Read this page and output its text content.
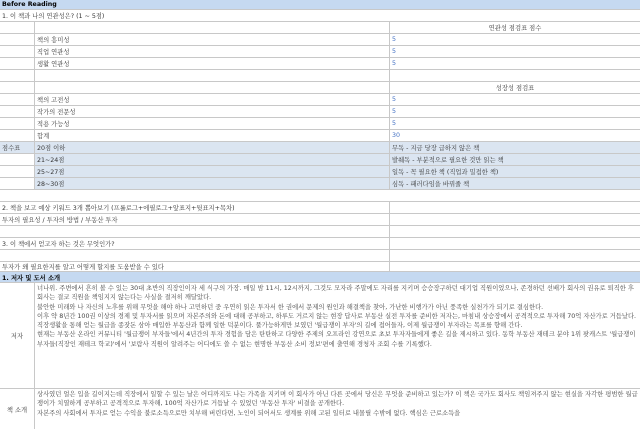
Before Reading
1. 이 책과 나의 연관성은? (1 ~ 5점)
연관성 점검표 점수
책의 흥미성	5
직업 연관성	5
생활 연관성	5
성장성 점검표
책의 고전성	5
작가의 전문성	5
적용 가능성	5
합계	30
점수표	20점 이하	무독 - 지금 당장 급하지 않은 책
21~24점	발췌독 - 부분적으로 필요한 것만 읽는 책
25~27점	일독 - 꼭 필요한 책 (직업과 밀접한 책)
28~30점	심독 - 패러다임을 바꿔줄 책
2. 책을 보고 예상 키워드 3개 뽑아보기 (프롤로그+에필로그+앞표지+뒷표지+목차)
투자의 필요성 / 투자의 방법 / 부동산 투자
3. 이 책에서 얻고자 하는 것은 무엇인가?
투자가 왜 필요한지를 알고 어떻게 할지를 도움받을 수 있다
1. 저자 및 도서 소개
저자

너나위. 주변에서 흔히 볼 수 있는 30대 초반의 직장인이자 세 식구의 가장. 매일 밤 11시, 12시까지, 그것도 모자라 주말에도 자리를 지키며 승승장구하던 대기업 직원이었으나, 존경하던 선배가 회사의 권유로 퇴직한 후 회사는 결코 직원을 책임지지 않는다는 사실을 절저히 깨달았다.

불안한 미래와 나 자신의 노후를 위해 무엇을 해야 하나 고민하던 중 우연히 읽은 투자서 한 권에서 문제의 원인과 해결책을 찾아, 가난한 비행가가 아닌 풍족한 실천가가 되기로 결심한다.

이후 약 8년간 100권 이상의 경제 및 투자서를 읽으며 자본주의와 돈에 대해 공부하고, 하루도 거르지 않는 현장 답사로 부동산 실전 투자를 준비한 저자는, 마침내 상승장에서 공격적으로 투자해 70억 자산가로 거듭났다. 직장생활을 통해 얻는 월급을 종잣돈 삼아 매입한 부동산과 함께 일한 덕분이다. 풀가능하게만 보였던 '월급쟁이 부자'의 길에 접어들자, 이제 월급쟁이 부자라는 목표를 향해 간다.

현재는 부동산 온라인 커뮤니티 '월급쟁이 부자들'에서 4년간의 투자 경험을 담은 탄탄하고 다양한 주제의 오프라인 강연으로 초보 투자자들에게 좋은 길을 제시하고 있다. 동학 부동산 재테크 분야 1위 팟캐스트 '월급쟁이 부자들(직장인 재테크 학교)'에서 '보람사 직원이 알려주는 어디에도 쓸 수 없는 현명한 부동산 소비 정보'편에 출연해 경청자 조회 수를 기록했다.

책 소개

상사였던 얼은 입을 길이지는데 직장에서 일할 수 있는 날은 어디까지도 나는 가족을 지키며 이 회사가 아닌 다른 곳에서 당신은 무엇을 준비하고 있는가? 이 책은 국가도 회사도 책임져주지 않는 현실을 자각한 평범한 월급쟁이가 치열하게 공부하고 공격적으로 투자해, 100억 자산가로 거듭날 수 있었던 '부동산 투자' 비결을 공개한다.

자본주의 사회에서 투자로 얻는 수익을 불로소득으로만 치부해 버린다면, 노인이 되어서도 생계를 위해 고된 일터로 내몰릴 수밖에 없다. 핵심은 근로소득을
